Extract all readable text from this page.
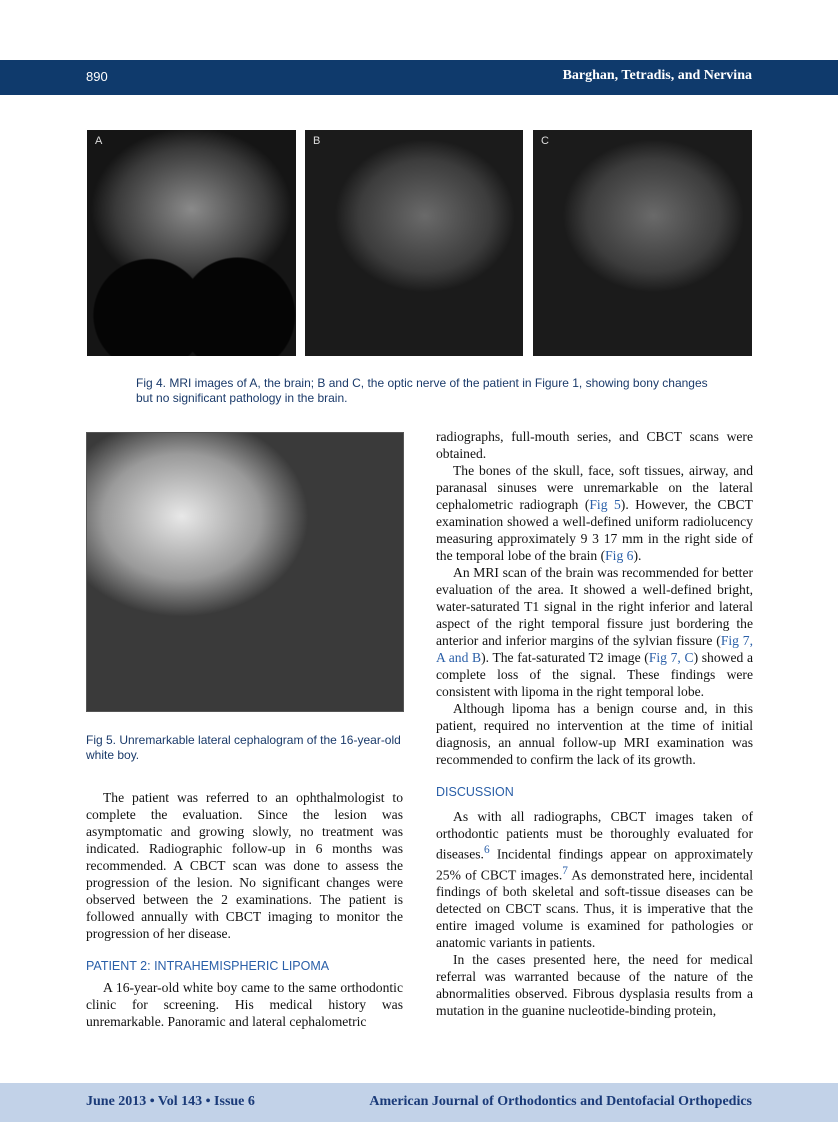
890	Barghan, Tetradis, and Nervina
A	B	C
Fig 4. MRI images of A, the brain; B and C, the optic nerve of the patient in Figure 1, showing bony changes but no significant pathology in the brain.
Fig 5. Unremarkable lateral cephalogram of the 16-year-old white boy.

The patient was referred to an ophthalmologist to complete the evaluation. Since the lesion was asymptomatic and growing slowly, no treatment was indicated. Radiographic follow-up in 6 months was recommended. A CBCT scan was done to assess the progression of the lesion. No significant changes were observed between the 2 examinations. The patient is followed annually with CBCT imaging to monitor the progression of her disease.

PATIENT 2: INTRAHEMISPHERIC LIPOMA

A 16-year-old white boy came to the same orthodontic clinic for screening. His medical history was unremarkable. Panoramic and lateral cephalometric

radiographs, full-mouth series, and CBCT scans were obtained.

The bones of the skull, face, soft tissues, airway, and paranasal sinuses were unremarkable on the lateral cephalometric radiograph (Fig 5). However, the CBCT examination showed a well-defined uniform radiolucency measuring approximately 9 3 17 mm in the right side of the temporal lobe of the brain (Fig 6).

An MRI scan of the brain was recommended for better evaluation of the area. It showed a well-defined bright, water-saturated T1 signal in the right inferior and lateral aspect of the right temporal fissure just bordering the anterior and inferior margins of the sylvian fissure (Fig 7, A and B). The fat-saturated T2 image (Fig 7, C) showed a complete loss of the signal. These findings were consistent with lipoma in the right temporal lobe.

Although lipoma has a benign course and, in this patient, required no intervention at the time of initial diagnosis, an annual follow-up MRI examination was recommended to confirm the lack of its growth.

DISCUSSION

As with all radiographs, CBCT images taken of orthodontic patients must be thoroughly evaluated for diseases.$^6$ Incidental findings appear on approximately 25% of CBCT images.$^7$ As demonstrated here, incidental findings of both skeletal and soft-tissue diseases can be detected on CBCT scans. Thus, it is imperative that the entire imaged volume is examined for pathologies or anatomic variants in patients.

In the cases presented here, the need for medical referral was warranted because of the nature of the abnormalities observed. Fibrous dysplasia results from a mutation in the guanine nucleotide-binding protein,

June 2013 • Vol 143 • Issue 6	American Journal of Orthodontics and Dentofacial Orthopedics
